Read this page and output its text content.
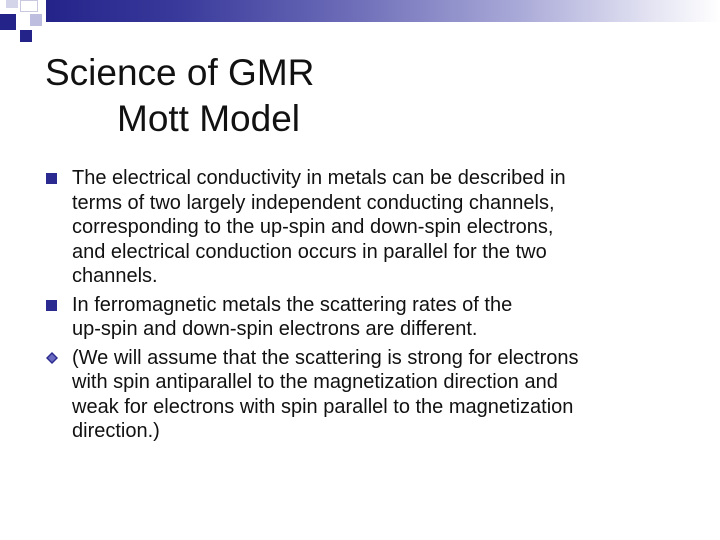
Science of GMR
Mott Model

The electrical conductivity in metals can be described in
terms of two largely independent conducting channels,
corresponding to the up-spin and down-spin electrons,
and electrical conduction occurs in parallel for the two
channels.

In ferromagnetic metals the scattering rates of the
up-spin and down-spin electrons are different.

(We will assume that the scattering is strong for electrons
with spin antiparallel to the magnetization direction and
weak for electrons with spin parallel to the magnetization
direction.)
